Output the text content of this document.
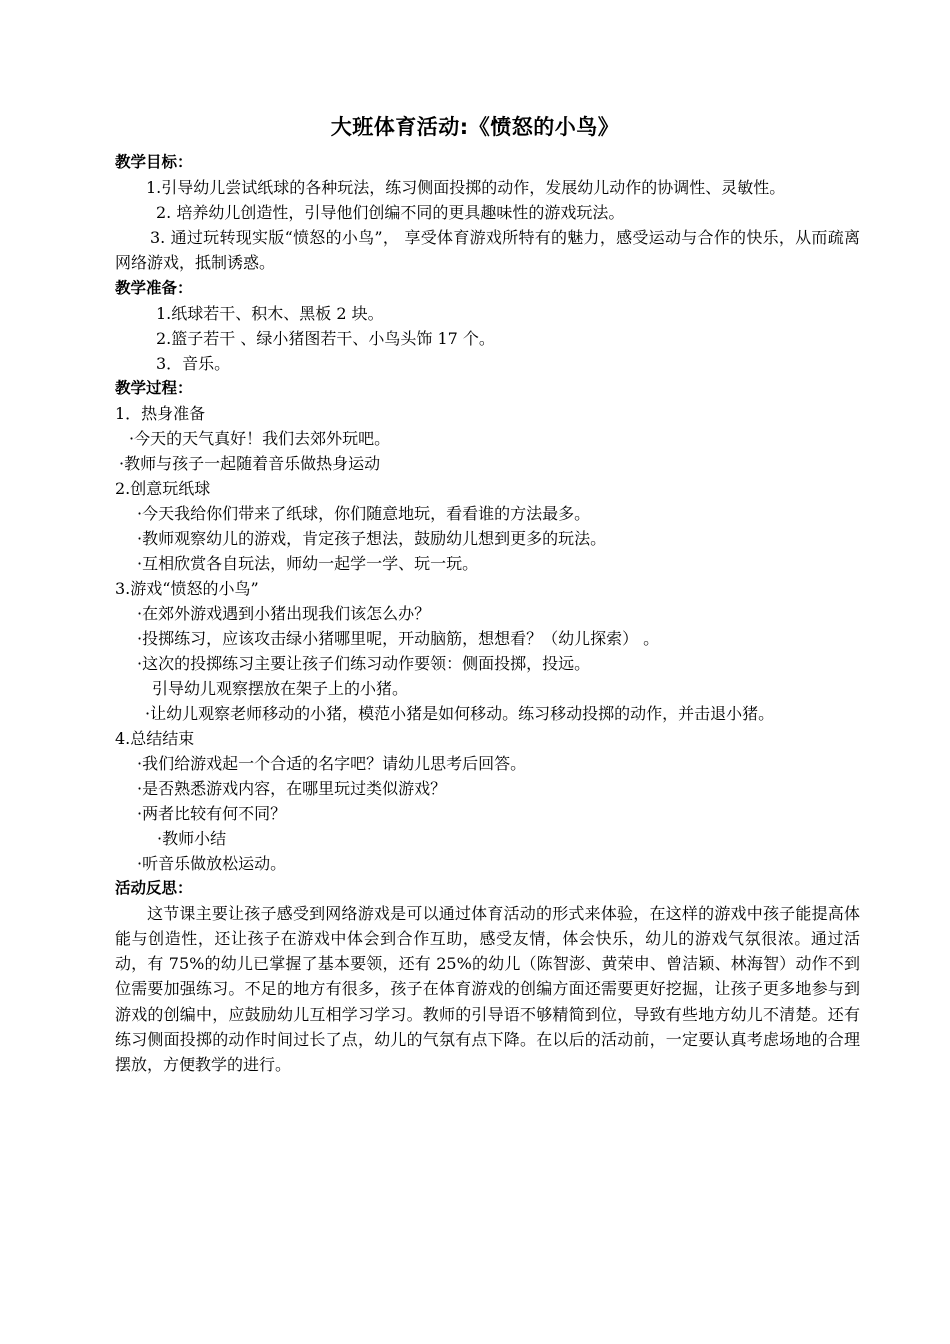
大班体育活动:《愤怒的小鸟》
教学目标：
1.引导幼儿尝试纸球的各种玩法，练习侧面投掷的动作，发展幼儿动作的协调性、灵敏性。
2. 培养幼儿创造性，引导他们创编不同的更具趣味性的游戏玩法。
3. 通过玩转现实版“愤怒的小鸟”， 享受体育游戏所特有的魅力，感受运动与合作的快乐，从而疏离网络游戏，抵制诱惑。
教学准备：
1.纸球若干、积木、黑板 2 块。
2.篮子若干 、绿小猪图若干、小鸟头饰 17 个。
3．音乐。
教学过程：
1．热身准备
·今天的天气真好！我们去郊外玩吧。
·教师与孩子一起随着音乐做热身运动
2.创意玩纸球
·今天我给你们带来了纸球，你们随意地玩，看看谁的方法最多。
·教师观察幼儿的游戏，肯定孩子想法，鼓励幼儿想到更多的玩法。
·互相欣赏各自玩法，师幼一起学一学、玩一玩。
3.游戏“愤怒的小鸟”
·在郊外游戏遇到小猪出现我们该怎么办？
·投掷练习，应该攻击绿小猪哪里呢，开动脑筋，想想看？（幼儿探索） 。
·这次的投掷练习主要让孩子们练习动作要领：侧面投掷，投远。
引导幼儿观察摆放在架子上的小猪。
·让幼儿观察老师移动的小猪，模范小猪是如何移动。练习移动投掷的动作，并击退小猪。
4.总结结束
·我们给游戏起一个合适的名字吧？请幼儿思考后回答。
·是否熟悉游戏内容，在哪里玩过类似游戏？
·两者比较有何不同？
·教师小结
·听音乐做放松运动。
活动反思：
这节课主要让孩子感受到网络游戏是可以通过体育活动的形式来体验，在这样的游戏中孩子能提高体能与创造性，还让孩子在游戏中体会到合作互助，感受友情，体会快乐，幼儿的游戏气氛很浓。通过活动，有 75%的幼儿已掌握了基本要领，还有 25%的幼儿（陈智澎、黄荣申、曾洁颖、林海智）动作不到位需要加强练习。不足的地方有很多，孩子在体育游戏的创编方面还需要更好挖掘，让孩子更多地参与到游戏的创编中，应鼓励幼儿互相学习学习。教师的引导语不够精简到位，导致有些地方幼儿不清楚。还有练习侧面投掷的动作时间过长了点，幼儿的气氛有点下降。在以后的活动前，一定要认真考虑场地的合理摆放，方便教学的进行。
